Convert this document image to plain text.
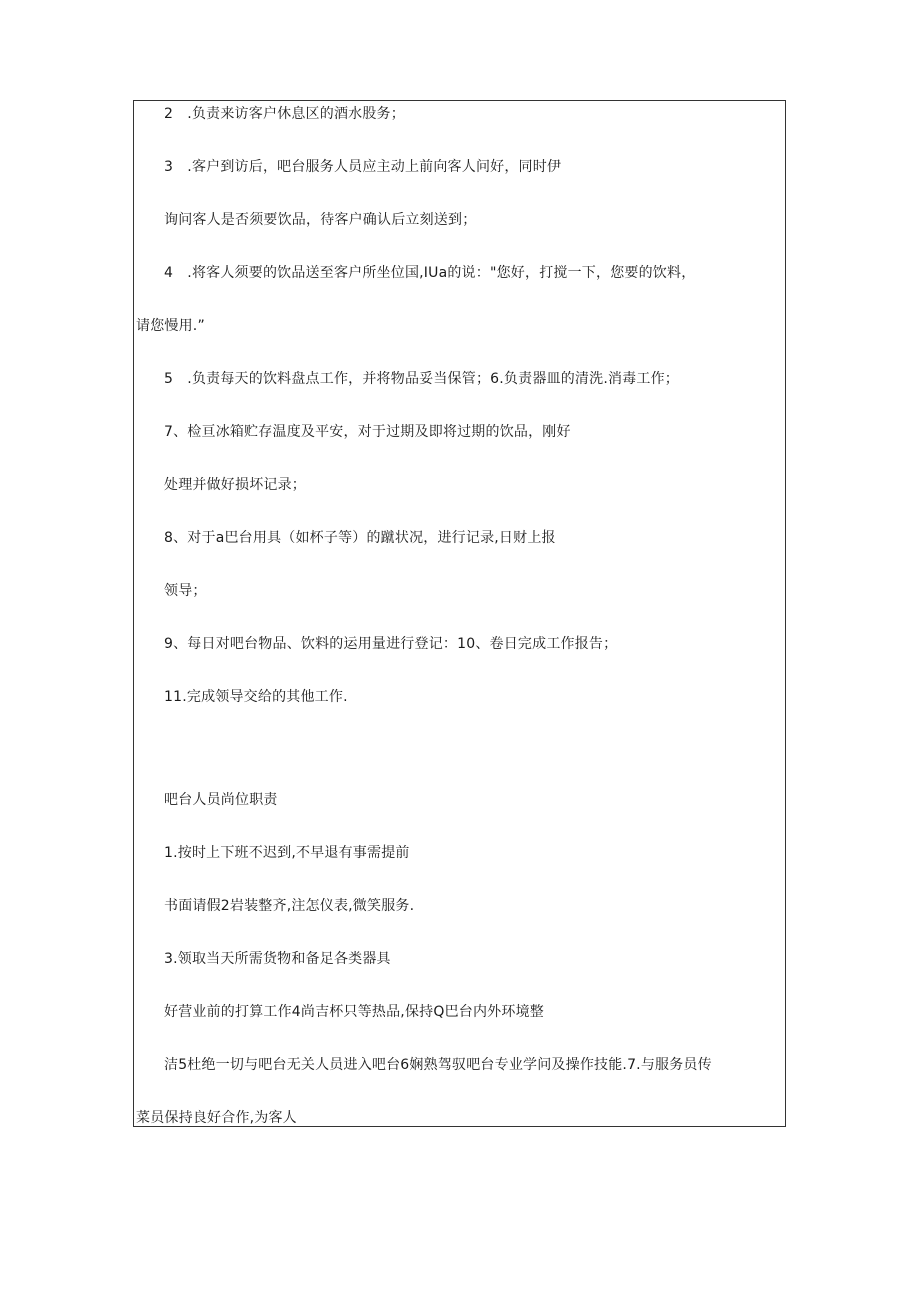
2　.负责来访客户休息区的酒水股务；
3　.客户到访后，吧台服务人员应主动上前向客人问好，同时伊
询问客人是否须要饮品，待客户确认后立刻送到；
4　.将客人须要的饮品送至客户所坐位国,IUa的说："您好，打搅一下，您要的饮料，
请您慢用.”
5　.负责每天的饮料盘点工作，并将物品妥当保管；6.负责器皿的清洗.消毒工作；
7、检亘冰箱贮存温度及平安，对于过期及即将过期的饮品，刚好
处理并做好损坏记录；
8、对于a巴台用具（如杯子等）的蹴状况，进行记录,日财上报
领导；
9、每日对吧台物品、饮料的运用量进行登记：10、卷日完成工作报告；
11.完成领导交给的其他工作.
吧台人员尚位职责
1.按时上下班不迟到,不早退有事需提前
书面请假2岩装整齐,注怎仪表,微笑服务.
3.领取当天所需货物和备足各类器具
好营业前的打算工作4尚吉杯只等热品,保持Q巴台内外环境整
洁5杜绝一切与吧台无关人员进入吧台6娴熟驾驭吧台专业学问及操作技能.7.与服务员传
菜员保持良好合作,为客人
